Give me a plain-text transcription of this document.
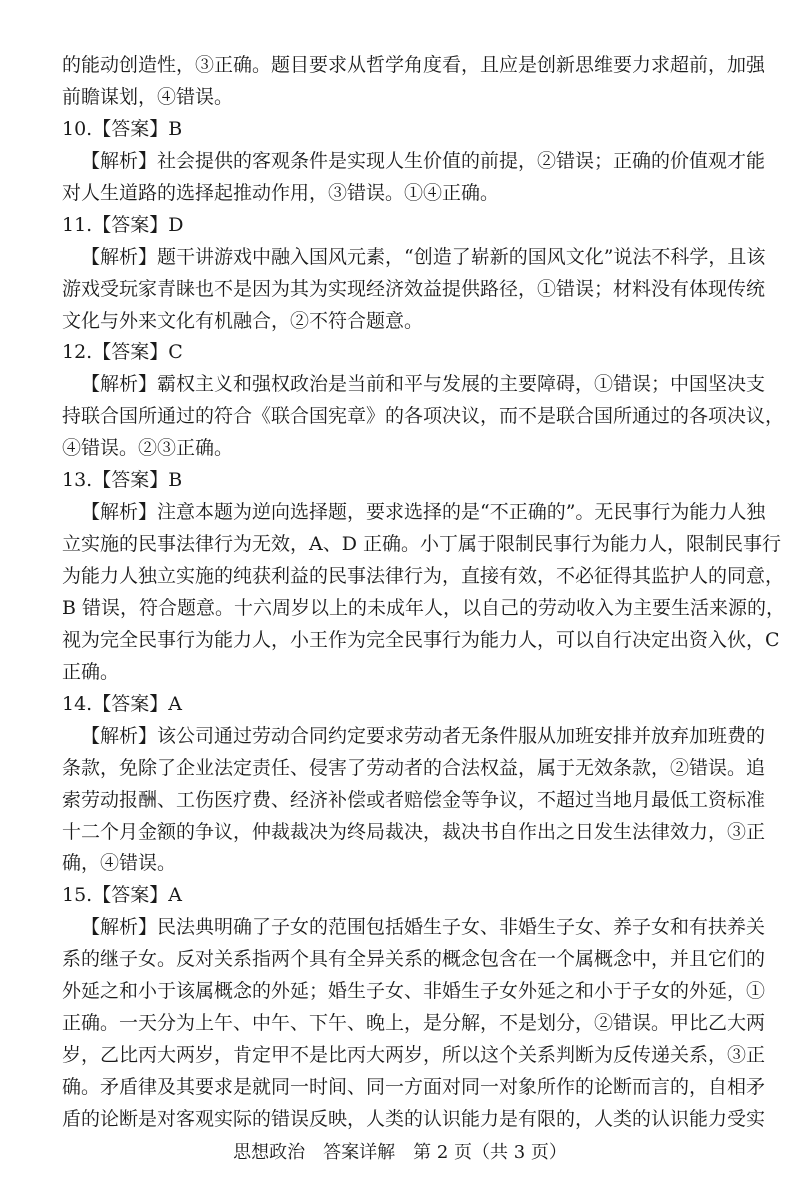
的能动创造性，③正确。题目要求从哲学角度看，且应是创新思维要力求超前，加强
前瞻谋划，④错误。
10.【答案】B
【解析】社会提供的客观条件是实现人生价值的前提，②错误；正确的价值观才能
对人生道路的选择起推动作用，③错误。①④正确。
11.【答案】D
【解析】题干讲游戏中融入国风元素，“创造了崭新的国风文化”说法不科学，且该
游戏受玩家青睐也不是因为其为实现经济效益提供路径，①错误；材料没有体现传统
文化与外来文化有机融合，②不符合题意。
12.【答案】C
【解析】霸权主义和强权政治是当前和平与发展的主要障碍，①错误；中国坚决支
持联合国所通过的符合《联合国宪章》的各项决议，而不是联合国所通过的各项决议，
④错误。②③正确。
13.【答案】B
【解析】注意本题为逆向选择题，要求选择的是“不正确的”。无民事行为能力人独
立实施的民事法律行为无效，A、D 正确。小丁属于限制民事行为能力人，限制民事行
为能力人独立实施的纯获利益的民事法律行为，直接有效，不必征得其监护人的同意，
B 错误，符合题意。十六周岁以上的未成年人，以自己的劳动收入为主要生活来源的，
视为完全民事行为能力人，小王作为完全民事行为能力人，可以自行决定出资入伙，C
正确。
14.【答案】A
【解析】该公司通过劳动合同约定要求劳动者无条件服从加班安排并放弃加班费的
条款，免除了企业法定责任、侵害了劳动者的合法权益，属于无效条款，②错误。追
索劳动报酬、工伤医疗费、经济补偿或者赔偿金等争议，不超过当地月最低工资标准
十二个月金额的争议，仲裁裁决为终局裁决，裁决书自作出之日发生法律效力，③正
确，④错误。
15.【答案】A
【解析】民法典明确了子女的范围包括婚生子女、非婚生子女、养子女和有扶养关
系的继子女。反对关系指两个具有全异关系的概念包含在一个属概念中，并且它们的
外延之和小于该属概念的外延；婚生子女、非婚生子女外延之和小于子女的外延，①
正确。一天分为上午、中午、下午、晚上，是分解，不是划分，②错误。甲比乙大两
岁，乙比丙大两岁，肯定甲不是比丙大两岁，所以这个关系判断为反传递关系，③正
确。矛盾律及其要求是就同一时间、同一方面对同一对象所作的论断而言的，自相矛
盾的论断是对客观实际的错误反映，人类的认识能力是有限的，人类的认识能力受实
思想政治　答案详解　第 2 页（共 3 页）
